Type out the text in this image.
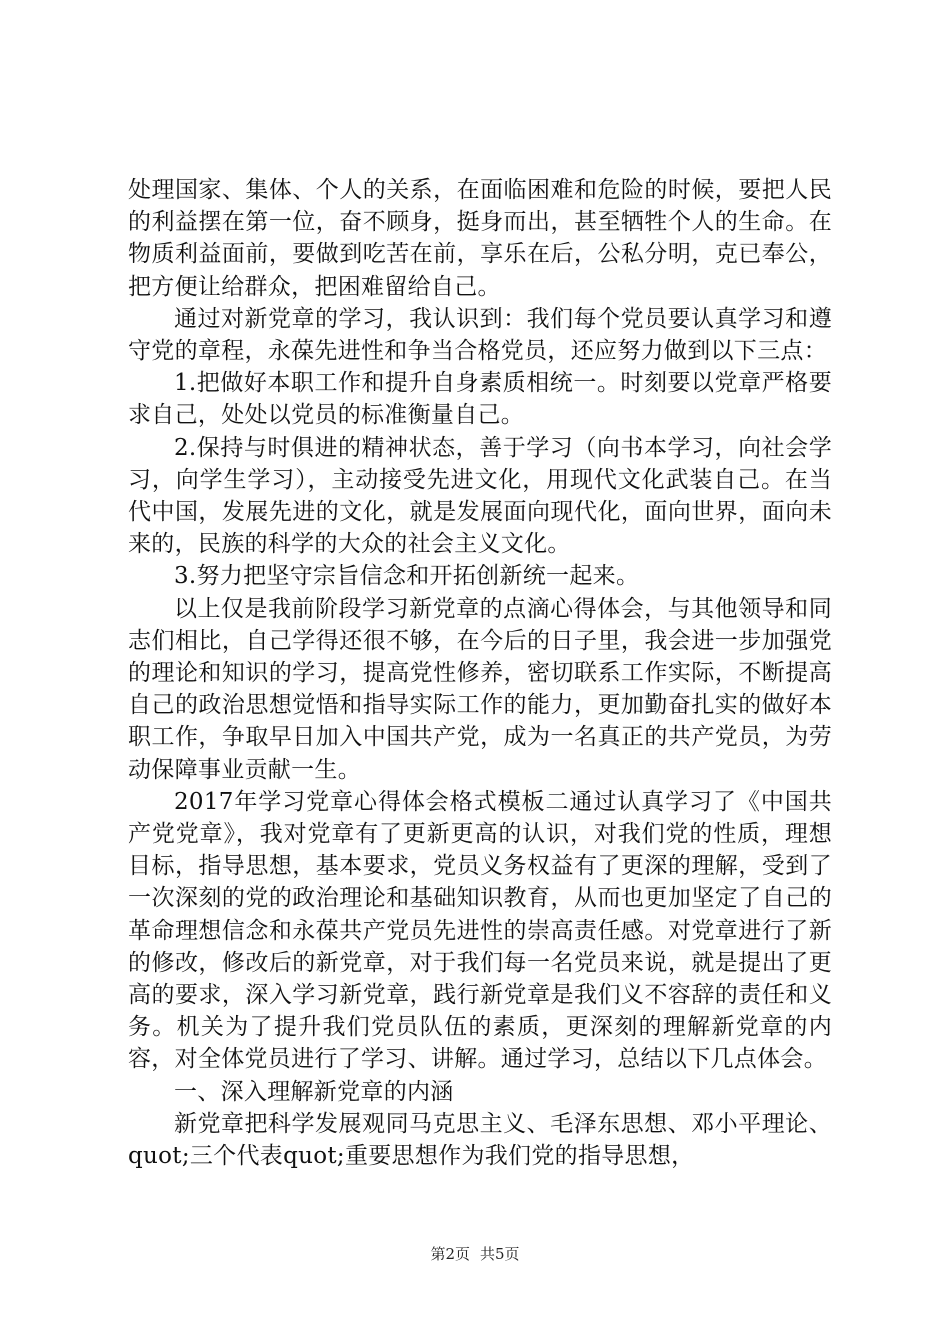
处理国家、集体、个人的关系，在面临困难和危险的时候，要把人民的利益摆在第一位，奋不顾身，挺身而出，甚至牺牲个人的生命。在物质利益面前，要做到吃苦在前，享乐在后，公私分明，克已奉公，把方便让给群众，把困难留给自己。

通过对新党章的学习，我认识到：我们每个党员要认真学习和遵守党的章程，永葆先进性和争当合格党员，还应努力做到以下三点：

1.把做好本职工作和提升自身素质相统一。时刻要以党章严格要求自己，处处以党员的标准衡量自己。

2.保持与时俱进的精神状态，善于学习（向书本学习，向社会学习，向学生学习），主动接受先进文化，用现代文化武装自己。在当代中国，发展先进的文化，就是发展面向现代化，面向世界，面向未来的，民族的科学的大众的社会主义文化。

3.努力把坚守宗旨信念和开拓创新统一起来。

以上仅是我前阶段学习新党章的点滴心得体会，与其他领导和同志们相比，自己学得还很不够，在今后的日子里，我会进一步加强党的理论和知识的学习，提高党性修养，密切联系工作实际，不断提高自己的政治思想觉悟和指导实际工作的能力，更加勤奋扎实的做好本职工作，争取早日加入中国共产党，成为一名真正的共产党员，为劳动保障事业贡献一生。

2017年学习党章心得体会格式模板二通过认真学习了《中国共产党党章》，我对党章有了更新更高的认识，对我们党的性质，理想目标，指导思想，基本要求，党员义务权益有了更深的理解，受到了一次深刻的党的政治理论和基础知识教育，从而也更加坚定了自己的革命理想信念和永葆共产党员先进性的崇高责任感。对党章进行了新的修改，修改后的新党章，对于我们每一名党员来说，就是提出了更高的要求，深入学习新党章，践行新党章是我们义不容辞的责任和义务。机关为了提升我们党员队伍的素质，更深刻的理解新党章的内容，对全体党员进行了学习、讲解。通过学习，总结以下几点体会。

一、深入理解新党章的内涵

新党章把科学发展观同马克思主义、毛泽东思想、邓小平理论、quot;三个代表quot;重要思想作为我们党的指导思想，

第2页 共5页
